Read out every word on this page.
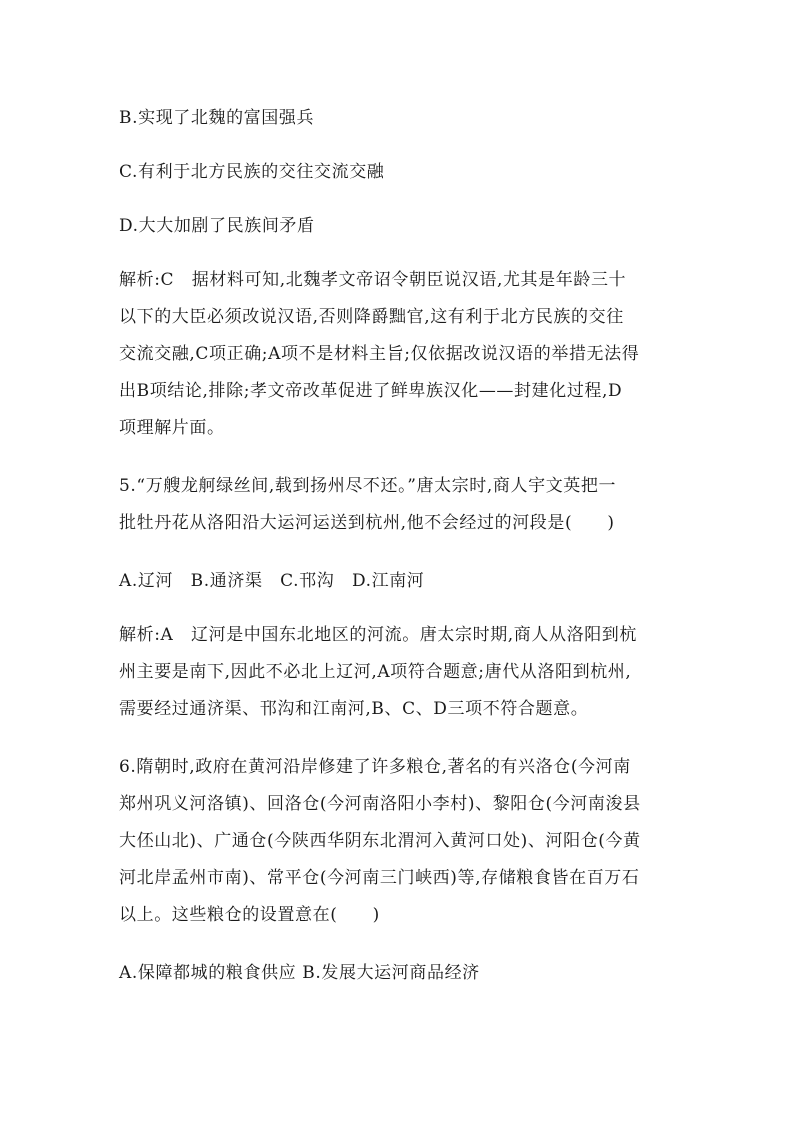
B.实现了北魏的富国强兵
C.有利于北方民族的交往交流交融
D.大大加剧了民族间矛盾
解析:C　据材料可知,北魏孝文帝诏令朝臣说汉语,尤其是年龄三十
以下的大臣必须改说汉语,否则降爵黜官,这有利于北方民族的交往
交流交融,C项正确;A项不是材料主旨;仅依据改说汉语的举措无法得
出B项结论,排除;孝文帝改革促进了鲜卑族汉化——封建化过程,D
项理解片面。
5.“万艘龙舸绿丝间,载到扬州尽不还。”唐太宗时,商人宇文英把一
批牡丹花从洛阳沿大运河运送到杭州,他不会经过的河段是(　　)
A.辽河　B.通济渠　C.邗沟　D.江南河
解析:A　辽河是中国东北地区的河流。唐太宗时期,商人从洛阳到杭
州主要是南下,因此不必北上辽河,A项符合题意;唐代从洛阳到杭州,
需要经过通济渠、邗沟和江南河,B、C、D三项不符合题意。
6.隋朝时,政府在黄河沿岸修建了许多粮仓,著名的有兴洛仓(今河南
郑州巩义河洛镇)、回洛仓(今河南洛阳小李村)、黎阳仓(今河南浚县
大伾山北)、广通仓(今陕西华阴东北渭河入黄河口处)、河阳仓(今黄
河北岸孟州市南)、常平仓(今河南三门峡西)等,存储粮食皆在百万石
以上。这些粮仓的设置意在(　　)
A.保障都城的粮食供应 B.发展大运河商品经济
